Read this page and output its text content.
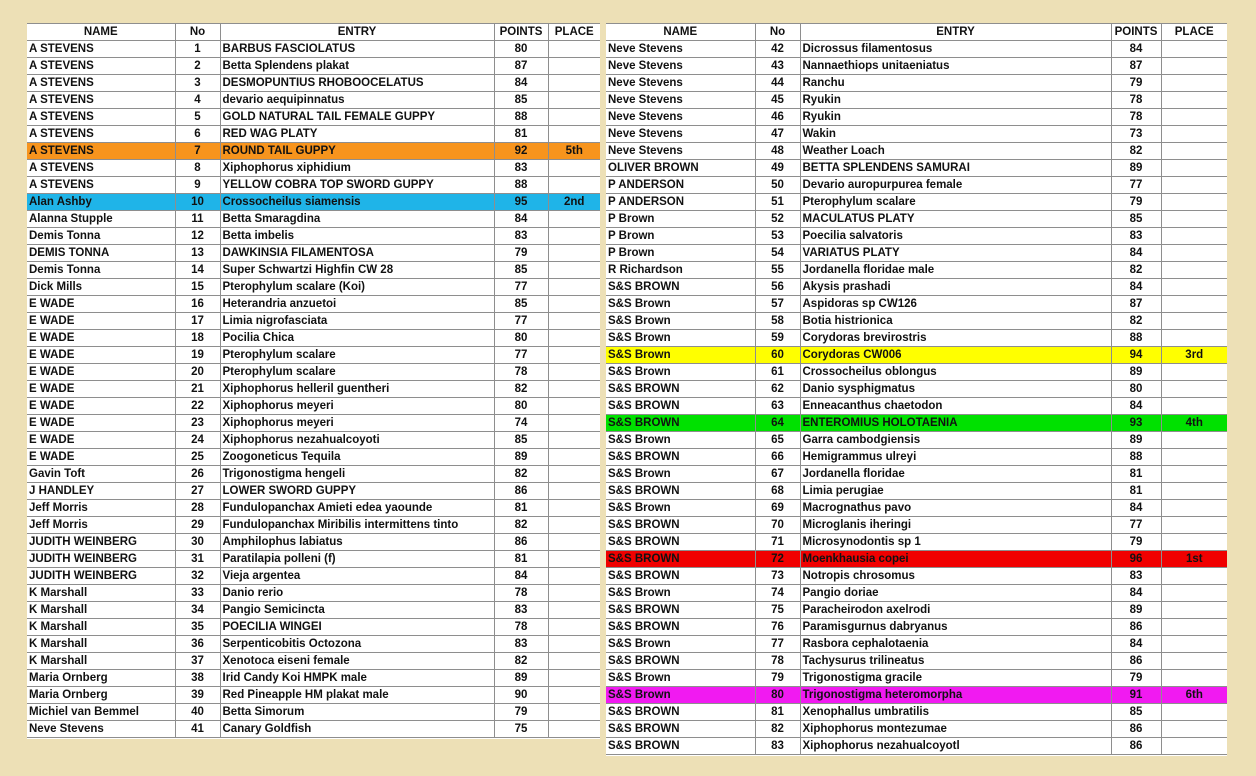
NAME	No	ENTRY	POINTS	PLACE
A STEVENS	1	BARBUS FASCIOLATUS	80	
A STEVENS	2	Betta Splendens plakat	87	
A STEVENS	3	DESMOPUNTIUS RHOBOOCELATUS	84	
A STEVENS	4	devario aequipinnatus	85	
A STEVENS	5	GOLD NATURAL TAIL FEMALE GUPPY	88	
A STEVENS	6	RED WAG PLATY	81	
A STEVENS	7	ROUND TAIL GUPPY	92	5th
A STEVENS	8	Xiphophorus xiphidium	83	
A STEVENS	9	YELLOW COBRA TOP SWORD GUPPY	88	
Alan Ashby	10	Crossocheilus siamensis	95	2nd
Alanna Stupple	11	Betta Smaragdina	84	
Demis Tonna	12	Betta imbelis	83	
DEMIS TONNA	13	DAWKINSIA FILAMENTOSA	79	
Demis Tonna	14	Super Schwartzi Highfin CW 28	85	
Dick Mills	15	Pterophylum scalare (Koi)	77	
E WADE	16	Heterandria anzuetoi	85	
E WADE	17	Limia nigrofasciata	77	
E WADE	18	Pocilia Chica	80	
E WADE	19	Pterophylum scalare	77	
E WADE	20	Pterophylum scalare	78	
E WADE	21	Xiphophorus helleril guentheri	82	
E WADE	22	Xiphophorus meyeri	80	
E WADE	23	Xiphophorus meyeri	74	
E WADE	24	Xiphophorus nezahualcoyoti	85	
E WADE	25	Zoogoneticus Tequila	89	
Gavin Toft	26	Trigonostigma hengeli	82	
J HANDLEY	27	LOWER SWORD GUPPY	86	
Jeff Morris	28	Fundulopanchax Amieti edea yaounde	81	
Jeff Morris	29	Fundulopanchax Miribilis intermittens tinto	82	
JUDITH WEINBERG	30	Amphilophus labiatus	86	
JUDITH WEINBERG	31	Paratilapia polleni (f)	81	
JUDITH WEINBERG	32	Vieja argentea	84	
K Marshall	33	Danio rerio	78	
K Marshall	34	Pangio Semicincta	83	
K Marshall	35	POECILIA WINGEI	78	
K Marshall	36	Serpenticobitis Octozona	83	
K Marshall	37	Xenotoca eiseni female	82	
Maria Ornberg	38	Irid Candy Koi HMPK male	89	
Maria Ornberg	39	Red Pineapple HM plakat male	90	
Michiel van Bemmel	40	Betta Simorum	79	
Neve Stevens	41	Canary Goldfish	75	
NAME	No	ENTRY	POINTS	PLACE
Neve Stevens	42	Dicrossus filamentosus	84	
Neve Stevens	43	Nannaethiops unitaeniatus	87	
Neve Stevens	44	Ranchu	79	
Neve Stevens	45	Ryukin	78	
Neve Stevens	46	Ryukin	78	
Neve Stevens	47	Wakin	73	
Neve Stevens	48	Weather Loach	82	
OLIVER BROWN	49	BETTA SPLENDENS SAMURAI	89	
P ANDERSON	50	Devario auropurpurea female	77	
P ANDERSON	51	Pterophylum scalare	79	
P Brown	52	MACULATUS PLATY	85	
P Brown	53	Poecilia salvatoris	83	
P Brown	54	VARIATUS PLATY	84	
R Richardson	55	Jordanella floridae male	82	
S&S BROWN	56	Akysis prashadi	84	
S&S Brown	57	Aspidoras sp CW126	87	
S&S Brown	58	Botia histrionica	82	
S&S Brown	59	Corydoras brevirostris	88	
S&S Brown	60	Corydoras CW006	94	3rd
S&S Brown	61	Crossocheilus oblongus	89	
S&S BROWN	62	Danio sysphigmatus	80	
S&S BROWN	63	Enneacanthus chaetodon	84	
S&S BROWN	64	ENTEROMIUS HOLOTAENIA	93	4th
S&S Brown	65	Garra cambodgiensis	89	
S&S BROWN	66	Hemigrammus ulreyi	88	
S&S Brown	67	Jordanella floridae	81	
S&S BROWN	68	Limia perugiae	81	
S&S Brown	69	Macrognathus pavo	84	
S&S BROWN	70	Microglanis iheringi	77	
S&S BROWN	71	Microsynodontis sp 1	79	
S&S BROWN	72	Moenkhausia copei	96	1st
S&S BROWN	73	Notropis chrosomus	83	
S&S Brown	74	Pangio doriae	84	
S&S BROWN	75	Paracheirodon axelrodi	89	
S&S BROWN	76	Paramisgurnus dabryanus	86	
S&S Brown	77	Rasbora cephalotaenia	84	
S&S BROWN	78	Tachysurus trilineatus	86	
S&S Brown	79	Trigonostigma gracile	79	
S&S Brown	80	Trigonostigma heteromorpha	91	6th
S&S BROWN	81	Xenophallus umbratilis	85	
S&S BROWN	82	Xiphophorus montezumae	86	
S&S BROWN	83	Xiphophorus nezahualcoyotl	86	
